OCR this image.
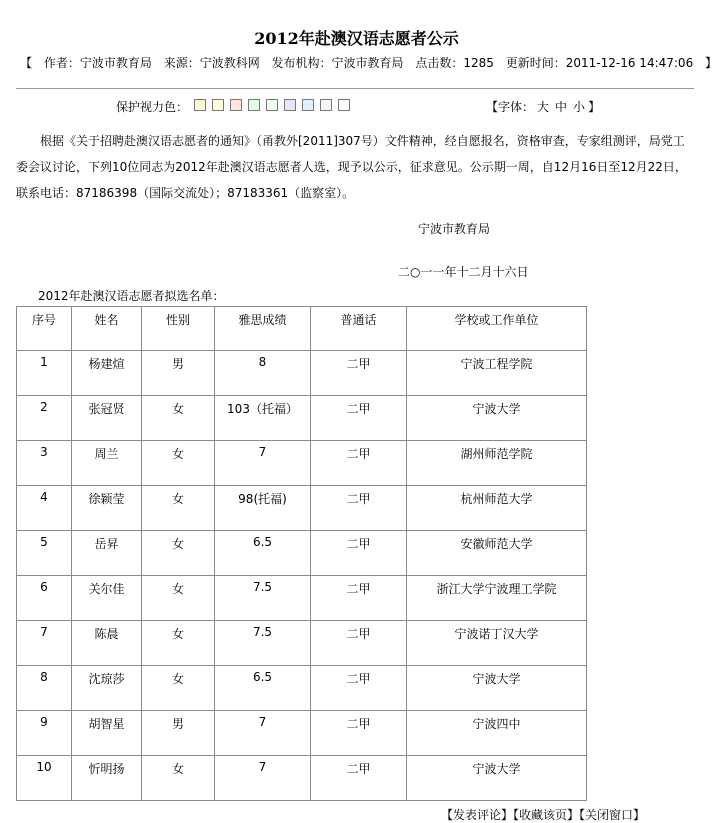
2012年赴澳汉语志愿者公示
【 作者：宁波市教育局 来源：宁波教科网 发布机构：宁波市教育局 点击数：1285 更新时间：2011-12-16 14:47:06 】
保护视力色：	【字体： 大 中 小 】
根据《关于招聘赴澳汉语志愿者的通知》（甬教外[2011]307号）文件精神，经自愿报名，资格审查，专家组测评，局党工委会议讨论，下列10位同志为2012年赴澳汉语志愿者人选，现予以公示，征求意见。公示期一周，自12月16日至12月22日，联系电话：87186398（国际交流处）；87183361（监察室）。
宁波市教育局
二○一一年十二月十六日
2012年赴澳汉语志愿者拟选名单：
序号	姓名	性别	雅思成绩	普通话	学校或工作单位
1	杨建煊	男	8	二甲	宁波工程学院
2	张冠贤	女	103（托福）	二甲	宁波大学
3	周兰	女	7	二甲	湖州师范学院
4	徐颖莹	女	98(托福)	二甲	杭州师范大学
5	岳昇	女	6.5	二甲	安徽师范大学
6	关尔佳	女	7.5	二甲	浙江大学宁波理工学院
7	陈晨	女	7.5	二甲	宁波诺丁汉大学
8	沈琼莎	女	6.5	二甲	宁波大学
9	胡智星	男	7	二甲	宁波四中
10	忻明扬	女	7	二甲	宁波大学
【发表评论】【收藏该页】【关闭窗口】
